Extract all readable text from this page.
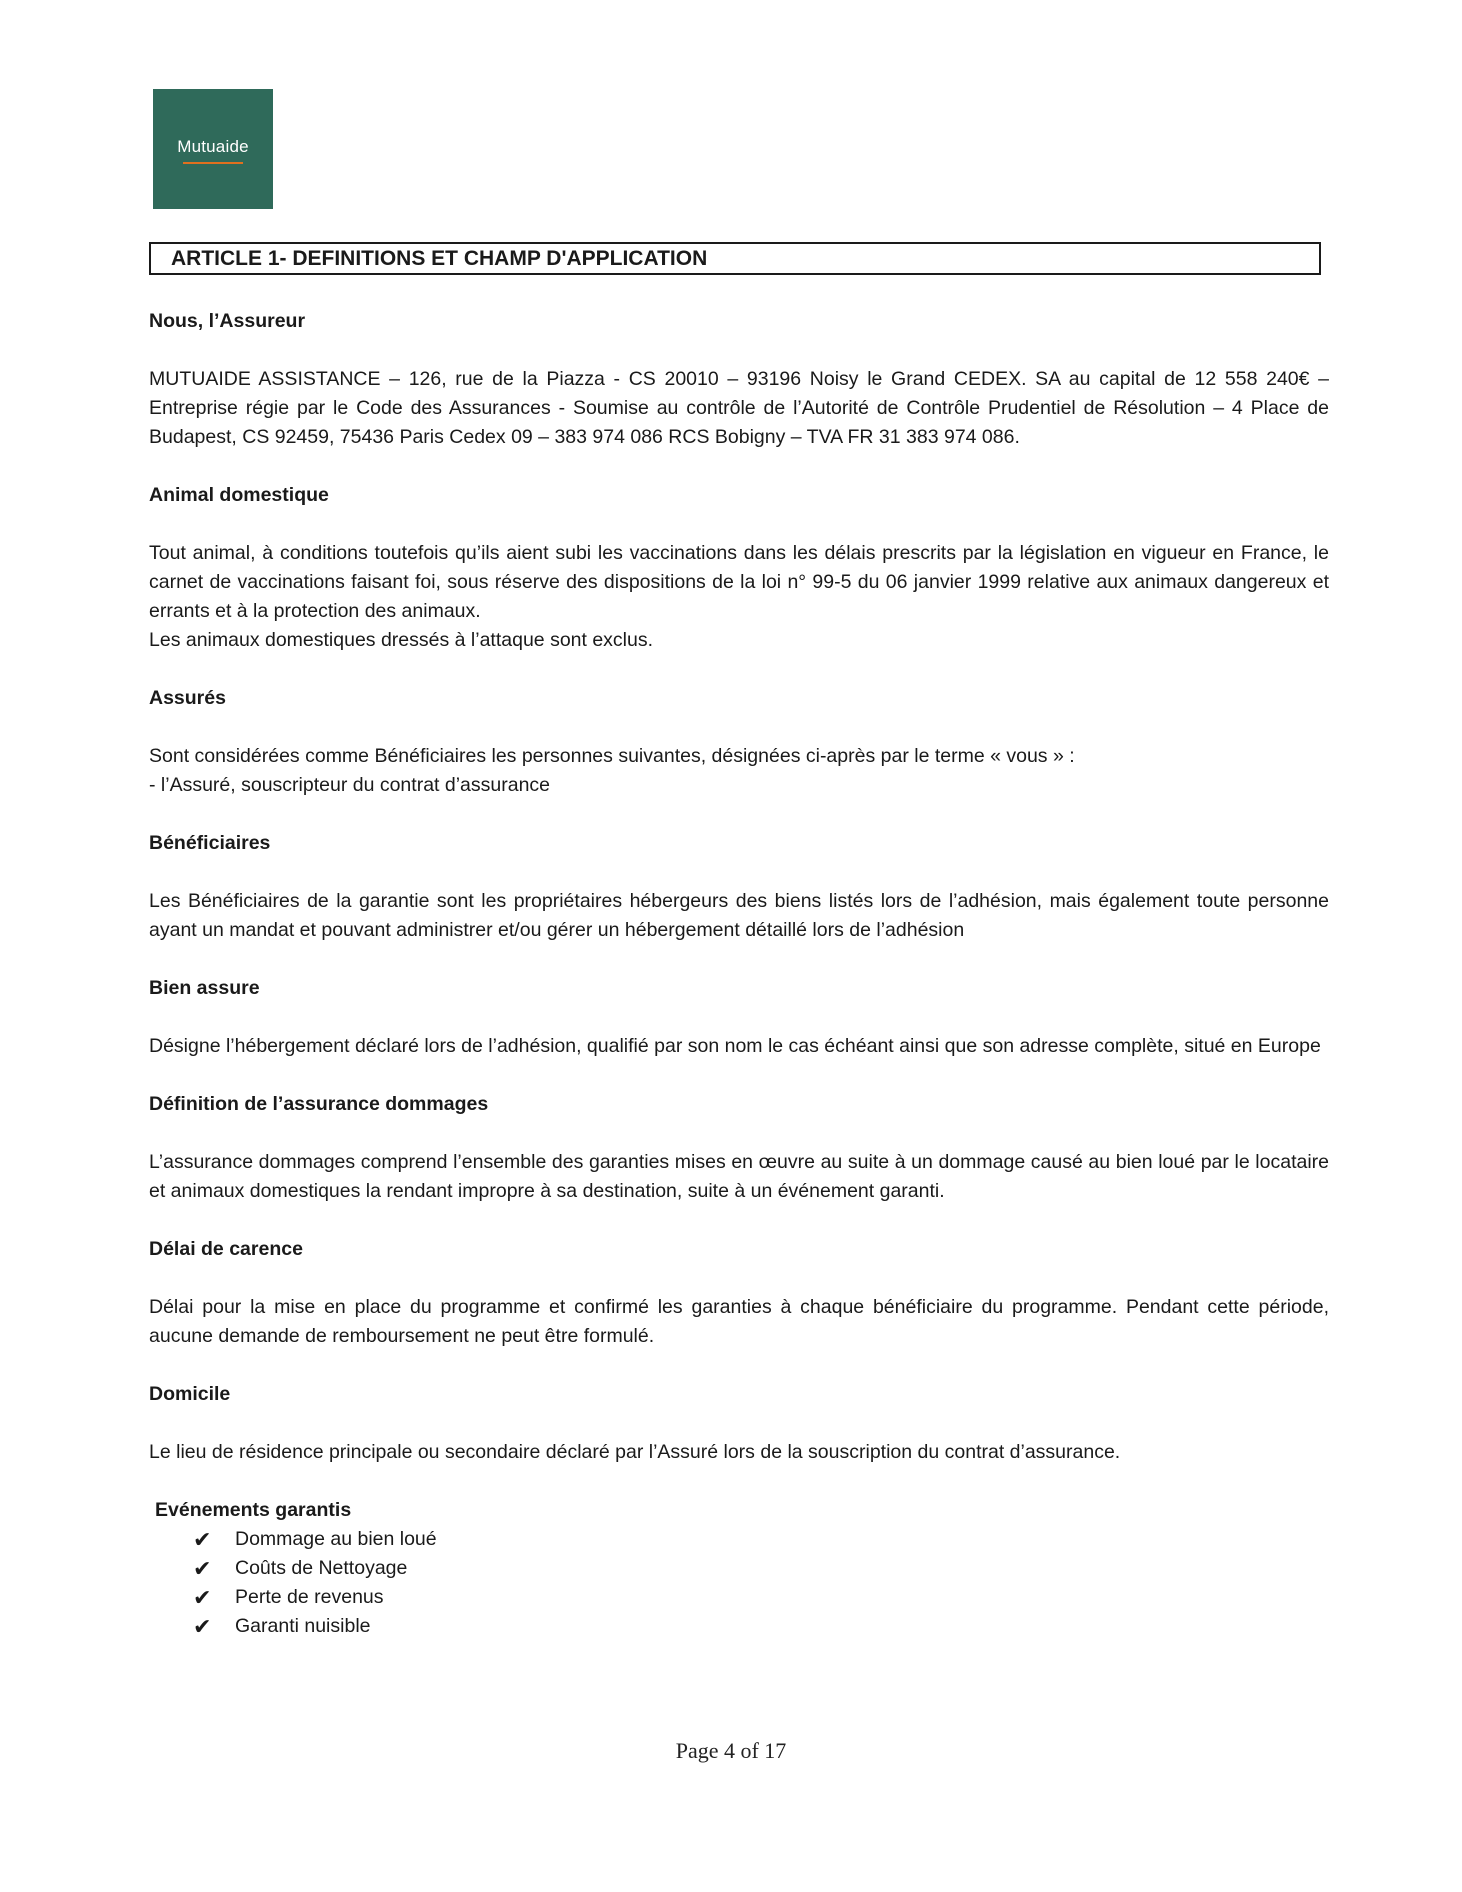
Mutuaide
ARTICLE 1- DEFINITIONS ET CHAMP D'APPLICATION

Nous, l’Assureur

MUTUAIDE ASSISTANCE – 126, rue de la Piazza - CS 20010 – 93196 Noisy le Grand CEDEX. SA au capital de 12 558 240€ – Entreprise régie par le Code des Assurances - Soumise au contrôle de l’Autorité de Contrôle Prudentiel de Résolution – 4 Place de Budapest, CS 92459, 75436 Paris Cedex 09 – 383 974 086 RCS Bobigny – TVA FR 31 383 974 086.

Animal domestique

Tout animal, à conditions toutefois qu’ils aient subi les vaccinations dans les délais prescrits par la législation en vigueur en France, le carnet de vaccinations faisant foi, sous réserve des dispositions de la loi n° 99-5 du 06 janvier 1999 relative aux animaux dangereux et errants et à la protection des animaux.

Les animaux domestiques dressés à l’attaque sont exclus.

Assurés

Sont considérées comme Bénéficiaires les personnes suivantes, désignées ci-après par le terme « vous » :

- l’Assuré, souscripteur du contrat d’assurance

Bénéficiaires

Les Bénéficiaires de la garantie sont les propriétaires hébergeurs des biens listés lors de l’adhésion, mais également toute personne ayant un mandat et pouvant administrer et/ou gérer un hébergement détaillé lors de l’adhésion

Bien assure

Désigne l’hébergement déclaré lors de l’adhésion, qualifié par son nom le cas échéant ainsi que son adresse complète, situé en Europe

Définition de l’assurance dommages

L’assurance dommages comprend l’ensemble des garanties mises en œuvre au suite à un dommage causé au bien loué par le locataire et animaux domestiques la rendant impropre à sa destination, suite à un événement garanti.

Délai de carence

Délai pour la mise en place du programme et confirmé les garanties à chaque bénéficiaire du programme. Pendant cette période, aucune demande de remboursement ne peut être formulé.

Domicile

Le lieu de résidence principale ou secondaire déclaré par l’Assuré lors de la souscription du contrat d’assurance.

Evénements garantis
✔	Dommage au bien loué
✔	Coûts de Nettoyage
✔	Perte de revenus
✔	Garanti nuisible
Page 4 of 17
